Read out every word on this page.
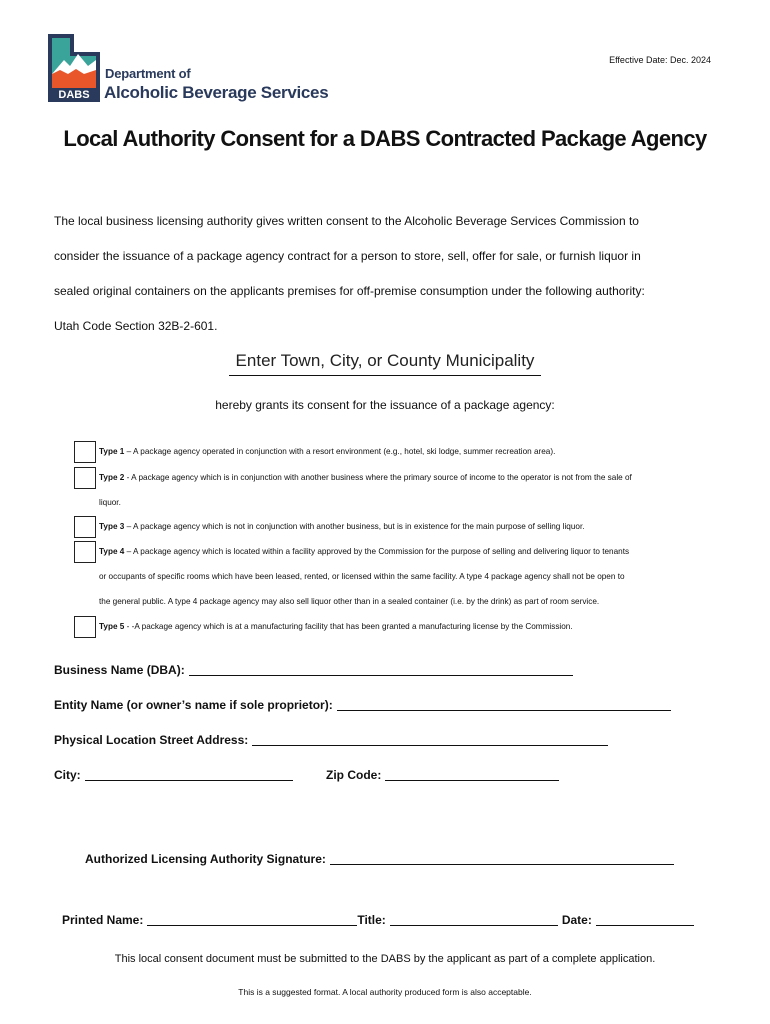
DABS
Department of
Alcoholic Beverage Services
Effective Date: Dec. 2024
Local Authority Consent for a DABS Contracted Package Agency
The local business licensing authority gives written consent to the Alcoholic Beverage Services Commission to
consider the issuance of a package agency contract for a person to store, sell, offer for sale, or furnish liquor in
sealed original containers on the applicants premises for off-premise consumption under the following authority:
Utah Code Section 32B-2-601.
Enter Town, City, or County Municipality
hereby grants its consent for the issuance of a package agency:
Type 1 – A package agency operated in conjunction with a resort environment (e.g., hotel, ski lodge, summer recreation area).
Type 2 - A package agency which is in conjunction with another business where the primary source of income to the operator is not from the sale of
liquor.
Type 3 – A package agency which is not in conjunction with another business, but is in existence for the main purpose of selling liquor.
Type 4 – A package agency which is located within a facility approved by the Commission for the purpose of selling and delivering liquor to tenants
or occupants of specific rooms which have been leased, rented, or licensed within the same facility. A type 4 package agency shall not be open to
the general public. A type 4 package agency may also sell liquor other than in a sealed container (i.e. by the drink) as part of room service.
Type 5 - -A package agency which is at a manufacturing facility that has been granted a manufacturing license by the Commission.
Business Name (DBA):
Entity Name (or owner’s name if sole proprietor):
Physical Location Street Address:
City:	Zip Code:
Authorized Licensing Authority Signature:
Printed Name:	Title:	Date:
This local consent document must be submitted to the DABS by the applicant as part of a complete application.
This is a suggested format. A local authority produced form is also acceptable.
